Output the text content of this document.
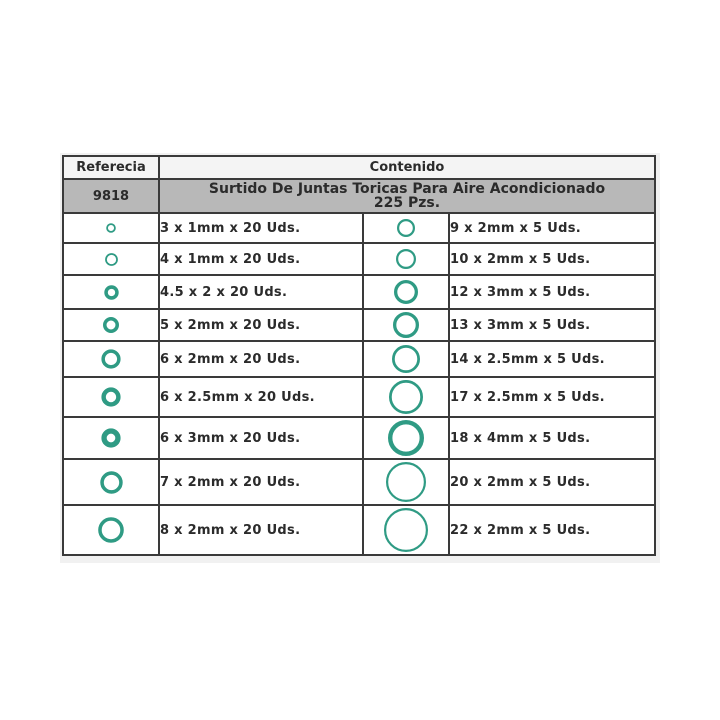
Referecia	Contenido		
9818	Surtido De Juntas Toricas Para Aire Acondicionado
225 Pzs.		

	3 x 1mm x 20 Uds.		9 x 2mm x 5 Uds.

	4 x 1mm x 20 Uds.		10 x 2mm x 5 Uds.

	4.5 x 2 x 20 Uds.		12 x 3mm x 5 Uds.

	5 x 2mm x 20 Uds.		13 x 3mm x 5 Uds.

	6 x 2mm x 20 Uds.		14 x 2.5mm x 5 Uds.

	6 x 2.5mm x 20 Uds.		17 x 2.5mm x 5 Uds.

	6 x 3mm x 20 Uds.		18 x 4mm x 5 Uds.

	7 x 2mm x 20 Uds.		20 x 2mm x 5 Uds.

	8 x 2mm x 20 Uds.		22 x 2mm x 5 Uds.
